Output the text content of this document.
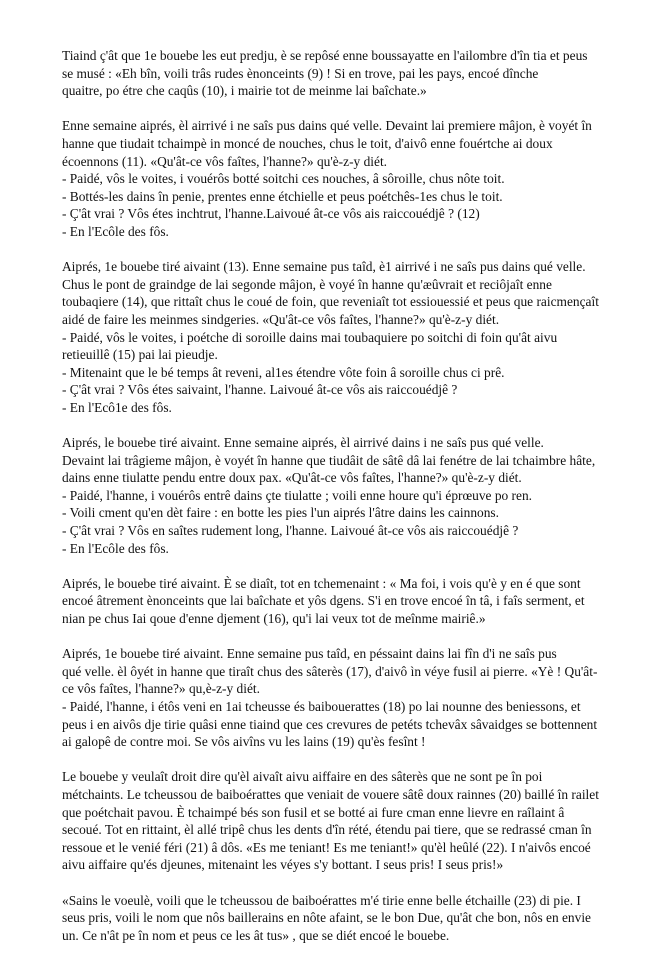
Tiaind ç'ât que 1e bouebe les eut predju, è se repôsé enne boussayatte en l'ailombre d'în tia et peus
se musé : «Eh bîn, voili trâs rudes ènonceints (9) ! Si en trove, pai les pays, encoé dînche
quaitre, po étre che caqûs (10), i mairie tot de meinme lai baîchate.»
Enne semaine aiprés, èl airrivé i ne saîs pus dains qué velle. Devaint lai premiere mâjon, è voyét în
hanne que tiudait tchaimpè in moncé de nouches, chus le toit, d'aivô enne fouértche ai doux
écoennons (11). «Qu'ât-ce vôs faîtes, l'hanne?» qu'è-z-y diét.
- Paidé, vôs le voites, i vouérôs botté soitchi ces nouches, â sôroille, chus nôte toit.
- Bottés-les dains în penie, prentes enne étchielle et peus poétchês-1es chus le toit.
- Ç'ât vrai ? Vôs étes inchtrut, l'hanne.Laivoué ât-ce vôs ais raiccouédjê ? (12)
- En l'Ecôle des fôs.
Aiprés, 1e bouebe tiré aivaint (13). Enne semaine pus taîd, è1 airrivé i ne saîs pus dains qué velle.
Chus le pont de graindge de lai segonde mâjon, è voyé în hanne qu'æûvrait et reciôjaît enne
toubaqiere (14), que rittaît chus le coué de foin, que reveniaît tot essiouessié et peus que raicmençaît
aidé de faire les meinmes sindgeries. «Qu'ât-ce vôs faîtes, l'hanne?» qu'è-z-y diét.
- Paidé, vôs le voites, i poétche di soroille dains mai toubaquiere po soitchi di foin qu'ât aivu
retieuillê (15) pai lai pieudje.
- Mitenaint que le bé temps ât reveni, al1es étendre vôte foin â soroille chus ci prê.
- Ç'ât vrai ? Vôs étes saivaint, l'hanne. Laivoué ât-ce vôs ais raiccouédjê ?
- En l'Ecô1e des fôs.
Aiprés, le bouebe tiré aivaint. Enne semaine aiprés, èl airrivé dains i ne saîs pus qué velle.
Devaint lai trâgieme mâjon, è voyét în hanne que tiudâit de sâtê dâ lai fenétre de lai tchaimbre hâte,
dains enne tiulatte pendu entre doux pax. «Qu'ât-ce vôs faîtes, l'hanne?» qu'è-z-y diét.
- Paidé, l'hanne, i vouérôs entrê dains çte tiulatte ; voili enne houre qu'i éprœuve po ren.
- Voili cment qu'en dèt faire : en botte les pies l'un aiprés l'âtre dains les cainnons.
- Ç'ât vrai ? Vôs en saîtes rudement long, l'hanne. Laivoué ât-ce vôs ais raiccouédjê ?
- En l'Ecôle des fôs.
Aiprés, le bouebe tiré aivaint. È se diaît, tot en tchemenaint : « Ma foi, i vois qu'è y en é que sont
encoé âtrement ènonceints que lai baîchate et yôs dgens. S'i en trove encoé în tâ, i faîs serment, et
nian pe chus Iai qoue d'enne djement (16), qu'i lai veux tot de meînme mairiê.»
Aiprés, 1e bouebe tiré aivaint. Enne semaine pus taîd, en péssaint dains lai fîn d'i ne saîs pus
qué velle. èl ôyét in hanne que tiraît chus des sâterès (17), d'aivô ìn véye fusil ai pierre. «Yè ! Qu'ât-
ce vôs faîtes, l'hanne?» qu,è-z-y diét.
- Paidé, l'hanne, i étôs veni en 1ai tcheusse és baibouerattes (18) po lai nounne des beniessons, et
peus i en aivôs dje tirie quâsi enne tiaind que ces crevures de petéts tchevâx sâvaidges se bottennent
ai galopê de contre moi. Se vôs aivîns vu les lains (19) qu'ès fesînt !
Le bouebe y veulaît droit dire qu'èl aivaît aivu aiffaire en des sâterès que ne sont pe în poi
métchaints. Le tcheussou de baiboérattes que veniait de vouere sâtê doux rainnes (20) baillé în railet
que poétchait pavou. È tchaimpé bés son fusil et se botté ai fure cman enne lievre en raîlaint â
secoué. Tot en rittaint, èl allé tripê chus les dents d'în rété, étendu pai tiere, que se redrassé cman în
ressoue et le venié féri (21) â dôs. «Es me teniant! Es me teniant!» qu'èl heûlé (22). I n'aivôs encoé
aivu aiffaire qu'és djeunes, mitenaint les véyes s'y bottant. I seus pris! I seus pris!»
«Sains le voeulè, voili que le tcheussou de baiboérattes m'é tirie enne belle étchaille (23) di pie. I
seus pris, voili le nom que nôs baillerains en nôte afaint, se le bon Due, qu'ât che bon, nôs en envie
un. Ce n'ât pe în nom et peus ce les ât tus» , que se diét encoé le bouebe.
